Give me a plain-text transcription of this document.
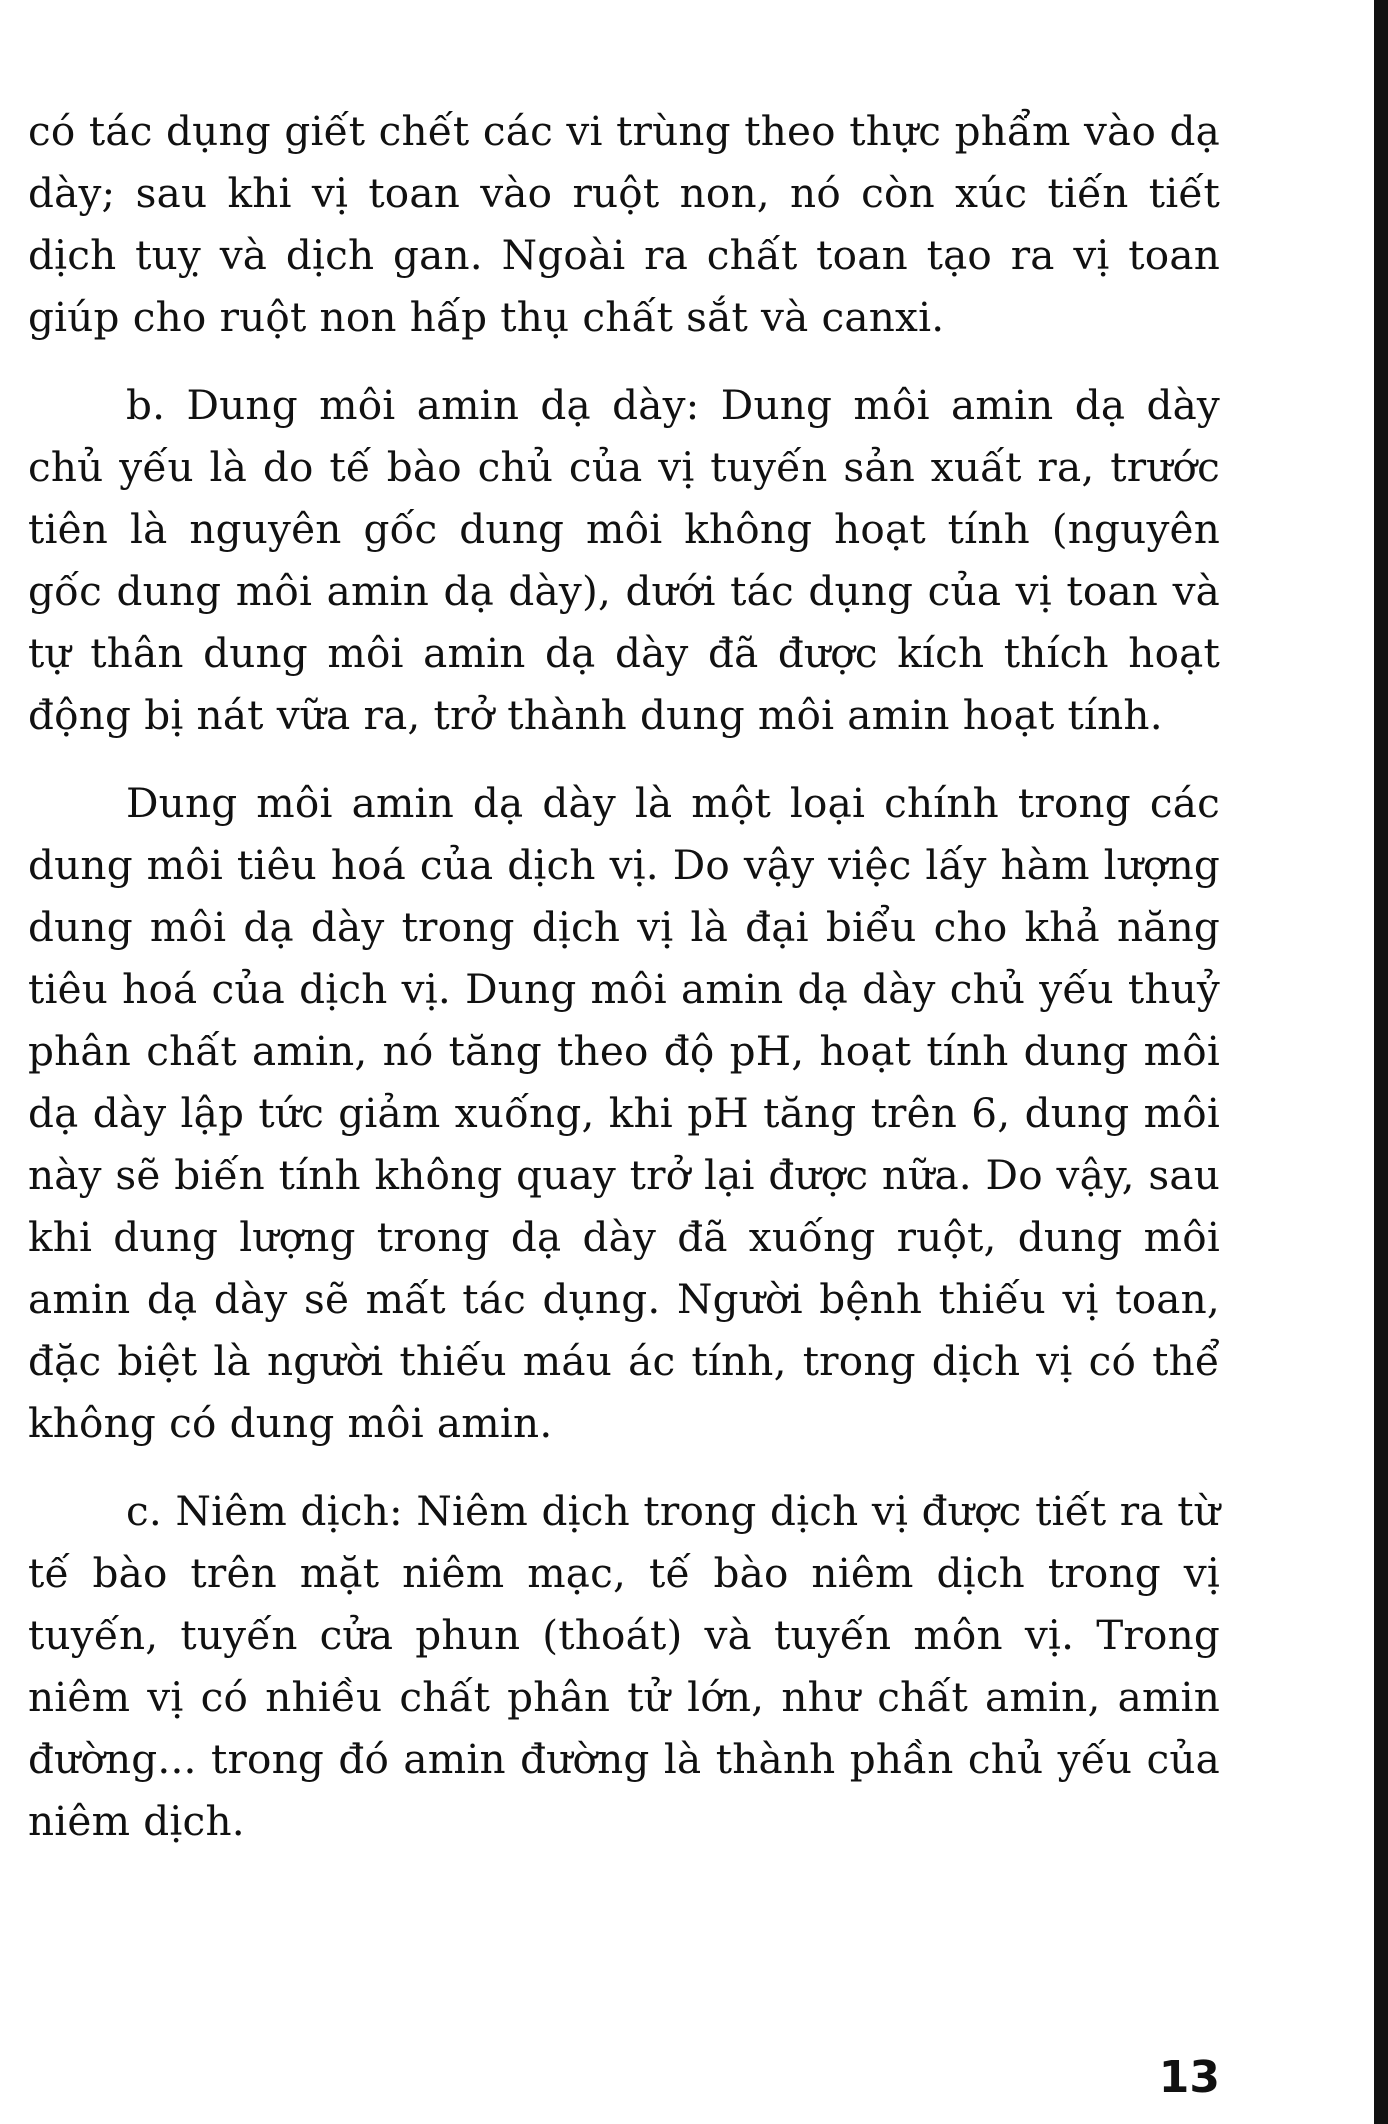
có tác dụng giết chết các vi trùng theo thực phẩm vào dạ dày; sau khi vị toan vào ruột non, nó còn xúc tiến tiết dịch tuỵ và dịch gan. Ngoài ra chất toan tạo ra vị toan giúp cho ruột non hấp thụ chất sắt và canxi.

b. Dung môi amin dạ dày: Dung môi amin dạ dày chủ yếu là do tế bào chủ của vị tuyến sản xuất ra, trước tiên là nguyên gốc dung môi không hoạt tính (nguyên gốc dung môi amin dạ dày), dưới tác dụng của vị toan và tự thân dung môi amin dạ dày đã được kích thích hoạt động bị nát vữa ra, trở thành dung môi amin hoạt tính.

Dung môi amin dạ dày là một loại chính trong các dung môi tiêu hoá của dịch vị. Do vậy việc lấy hàm lượng dung môi dạ dày trong dịch vị là đại biểu cho khả năng tiêu hoá của dịch vị. Dung môi amin dạ dày chủ yếu thuỷ phân chất amin, nó tăng theo độ pH, hoạt tính dung môi dạ dày lập tức giảm xuống, khi pH tăng trên 6, dung môi này sẽ biến tính không quay trở lại được nữa. Do vậy, sau khi dung lượng trong dạ dày đã xuống ruột, dung môi amin dạ dày sẽ mất tác dụng. Người bệnh thiếu vị toan, đặc biệt là người thiếu máu ác tính, trong dịch vị có thể không có dung môi amin.

c. Niêm dịch: Niêm dịch trong dịch vị được tiết ra từ tế bào trên mặt niêm mạc, tế bào niêm dịch trong vị tuyến, tuyến cửa phun (thoát) và tuyến môn vị. Trong niêm vị có nhiều chất phân tử lớn, như chất amin, amin đường... trong đó amin đường là thành phần chủ yếu của niêm dịch.

13
